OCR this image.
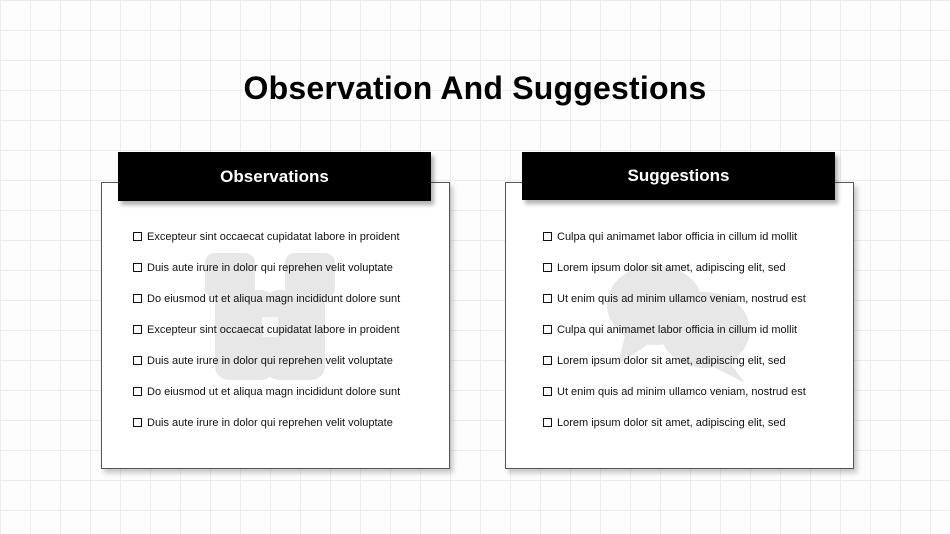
Observation And Suggestions
Observations
Excepteur sint occaecat cupidatat labore in proident
Duis aute irure in dolor qui reprehen velit voluptate
Do eiusmod ut et aliqua magn incididunt dolore sunt
Excepteur sint occaecat cupidatat labore in proident
Duis aute irure in dolor qui reprehen velit voluptate
Do eiusmod ut et aliqua magn incididunt dolore sunt
Duis aute irure in dolor qui reprehen velit voluptate
Suggestions
Culpa qui animamet labor officia in cillum id mollit
Lorem ipsum dolor sit amet, adipiscing elit, sed
Ut enim quis ad minim ullamco veniam, nostrud est
Culpa qui animamet labor officia in cillum id mollit
Lorem ipsum dolor sit amet, adipiscing elit, sed
Ut enim quis ad minim ullamco veniam, nostrud est
Lorem ipsum dolor sit amet, adipiscing elit, sed
